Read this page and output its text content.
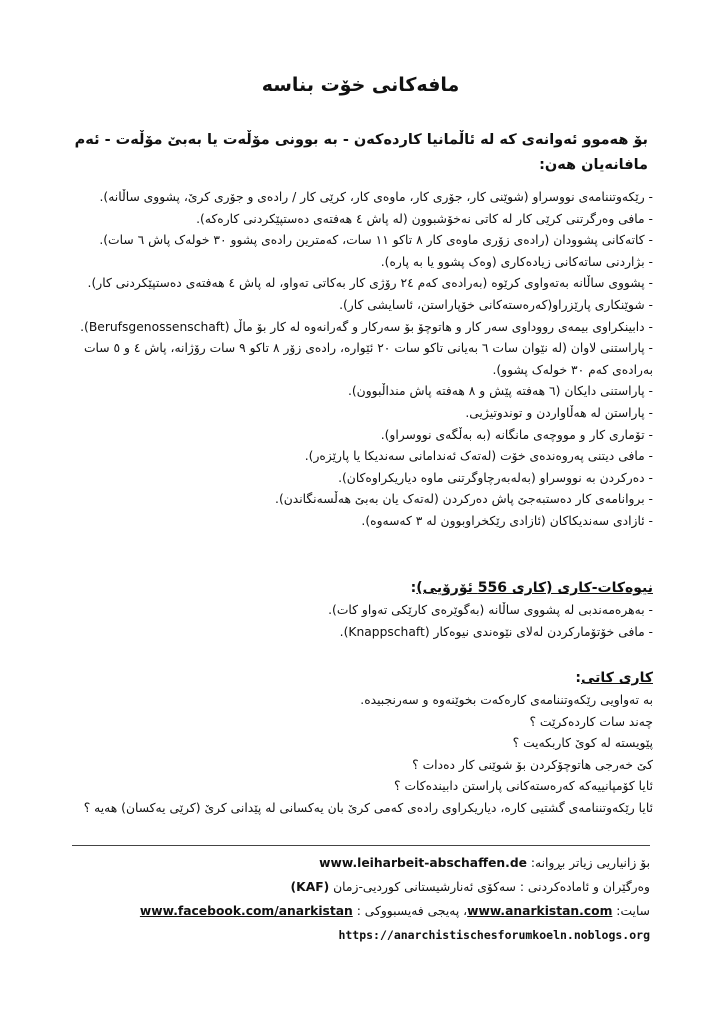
مافەکانی خۆت بناسە
بۆ هەموو ئەوانەی کە لە ئاڵمانیا کاردەکەن - بە بوونی مۆڵەت یا بەبێ مۆڵەت - ئەم مافانەیان هەن:
- رێکەوتننامەی نووسراو (شوێنی کار، جۆری کار، ماوەی کار، کرێی کار / رادەی و جۆری کرێ، پشووی ساڵانە).
- مافی وەرگرتنی کرێی کار لە کاتی نەخۆشبوون (لە پاش ٤ هەفتەی دەستپێکردنی کارەکە).
- کاتەکانی پشوودان (رادەی زۆری ماوەی کار ٨ تاکو ١١ سات، کەمترین رادەی پشوو ٣٠ خولەک پاش ٦ سات).
- بژاردنی ساتەکانی زیادەکاری (وەک پشوو یا بە پارە).
- پشووی ساڵانە بەتەواوی کرێوە (بەرادەی کەم ٢٤ رۆژی کار بەکاتی تەواو، لە پاش ٤ هەفتەی دەستپێکردنی کار).
- شوێنکاری پارێزراو(کەرەستەکانی خۆپاراستن، ئاسایشی کار).
- دابینکراوی بیمەی رووداوی سەر کار و هاتوچۆ بۆ سەرکار و گەرانەوە لە کار بۆ ماڵ (Berufsgenossenschaft).
- پاراستنی لاوان (لە نێوان سات ٦ بەیانی تاکو سات ٢٠ ئێوارە، رادەی زۆر ٨ تاکو ٩ سات رۆژانە، پاش ٤ و ٥ سات بەرادەی کەم ٣٠ خولەک پشوو).
- پاراستنی دایکان (٦ هەفتە پێش و ٨ هەفتە پاش منداڵبوون).
- پاراستن لە هەڵاواردن و توندوتیژیی.
- تۆماری کار و مووچەی مانگانە (بە بەڵگەی نووسراو).
- مافی دیتنی پەروەندەی خۆت (لەتەک ئەندامانی سەندیکا یا پارێزەر).
- دەرکردن بە نووسراو (بەلەبەرچاوگرتنی ماوە دیاریکراوەکان).
- بروانامەی کار دەستبەجێ پاش دەرکردن (لەتەک یان بەبێ هەڵسەنگاندن).
- ئازادی سەندیکاکان (ئازادی رێکخراوبوون لە ٣ کەسەوە).
نیوەکات-کاری (کاری 556 ئۆرۆیی):
- بەهرەمەندبی لە پشووی ساڵانە (بەگوێرەی کارێکی تەواو کات).
- مافی خۆتۆمارکردن لەلای نێوەندی نیوەکار (Knappschaft).
کاری کاتی:
بە تەواویی رێکەوتننامەی کارەکەت بخوێنەوە و سەرنجبیدە.
چەند سات کاردەکرێت ؟
پێویستە لە کوێ کاربکەیت ؟
کێ خەرجی هاتوچۆکردن بۆ شوێنی کار دەدات ؟
ئایا کۆمپانییەکە کەرەستەکانی پاراستن دابیندەکات ؟
ئایا رێکەوتننامەی گشتیی کارە، دیاریکراوی رادەی کەمی کرێ بان یەکسانی لە پێدانی کرێ (کرێی یەکسان) هەیە ؟
بۆ زانیاریی زیاتر بڕوانە: www.leiharbeit-abschaffen.de
وەرگێران و ئامادەکردنی : سەکۆی ئەنارشیستانی کوردیی-زمان (KAF)
سایت: www.anarkistan.com، پەیجی فەیسبووکی : www.facebook.com/anarkistan
https://anarchistischesforumkoeln.noblogs.org
